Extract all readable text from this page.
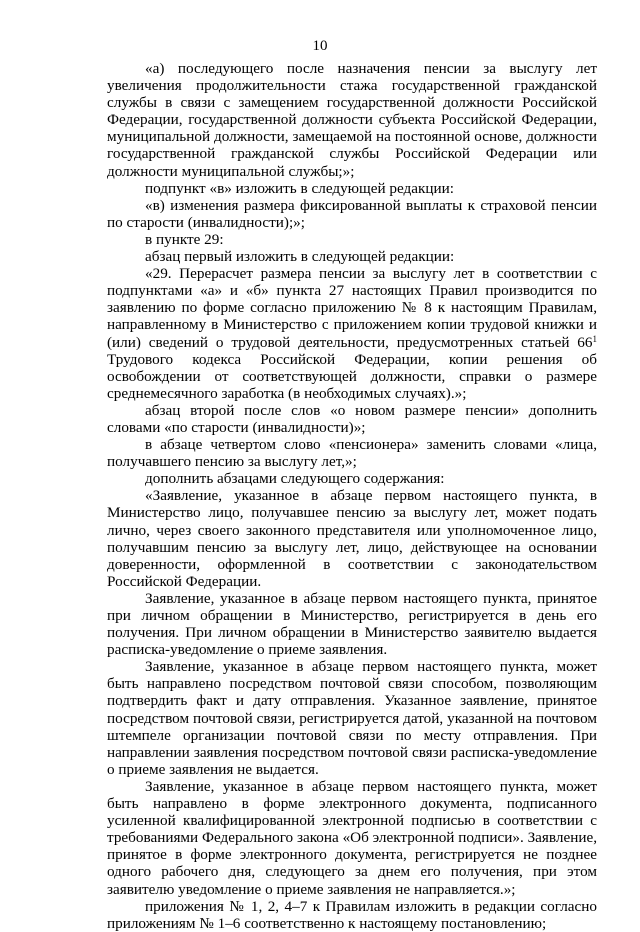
10

«а) последующего после назначения пенсии за выслугу лет увеличения продолжительности стажа государственной гражданской службы в связи с замещением государственной должности Российской Федерации, государственной должности субъекта Российской Федерации, муниципальной должности, замещаемой на постоянной основе, должности государственной гражданской службы Российской Федерации или должности муниципальной службы;»;

подпункт «в» изложить в следующей редакции:

«в) изменения размера фиксированной выплаты к страховой пенсии по старости (инвалидности);»;

в пункте 29:

абзац первый изложить в следующей редакции:

«29. Перерасчет размера пенсии за выслугу лет в соответствии с подпунктами «а» и «б» пункта 27 настоящих Правил производится по заявлению по форме согласно приложению № 8 к настоящим Правилам, направленному в Министерство с приложением копии трудовой книжки и (или) сведений о трудовой деятельности, предусмотренных статьей $66^1$ Трудового кодекса Российской Федерации, копии решения об освобождении от соответствующей должности, справки о размере среднемесячного заработка (в необходимых случаях).»;

абзац второй после слов «о новом размере пенсии» дополнить словами «по старости (инвалидности)»;

в абзаце четвертом слово «пенсионера» заменить словами «лица, получавшего пенсию за выслугу лет,»;

дополнить абзацами следующего содержания:

«Заявление, указанное в абзаце первом настоящего пункта, в Министерство лицо, получавшее пенсию за выслугу лет, может подать лично, через своего законного представителя или уполномоченное лицо, получавшим пенсию за выслугу лет, лицо, действующее на основании доверенности, оформленной в соответствии с законодательством Российской Федерации.

Заявление, указанное в абзаце первом настоящего пункта, принятое при личном обращении в Министерство, регистрируется в день его получения. При личном обращении в Министерство заявителю выдается расписка-уведомление о приеме заявления.

Заявление, указанное в абзаце первом настоящего пункта, может быть направлено посредством почтовой связи способом, позволяющим подтвердить факт и дату отправления. Указанное заявление, принятое посредством почтовой связи, регистрируется датой, указанной на почтовом штемпеле организации почтовой связи по месту отправления. При направлении заявления посредством почтовой связи расписка-уведомление о приеме заявления не выдается.

Заявление, указанное в абзаце первом настоящего пункта, может быть направлено в форме электронного документа, подписанного усиленной квалифицированной электронной подписью в соответствии с требованиями Федерального закона «Об электронной подписи». Заявление, принятое в форме электронного документа, регистрируется не позднее одного рабочего дня, следующего за днем его получения, при этом заявителю уведомление о приеме заявления не направляется.»;

приложения № 1, 2, 4–7 к Правилам изложить в редакции согласно приложениям № 1–6 соответственно к настоящему постановлению;
